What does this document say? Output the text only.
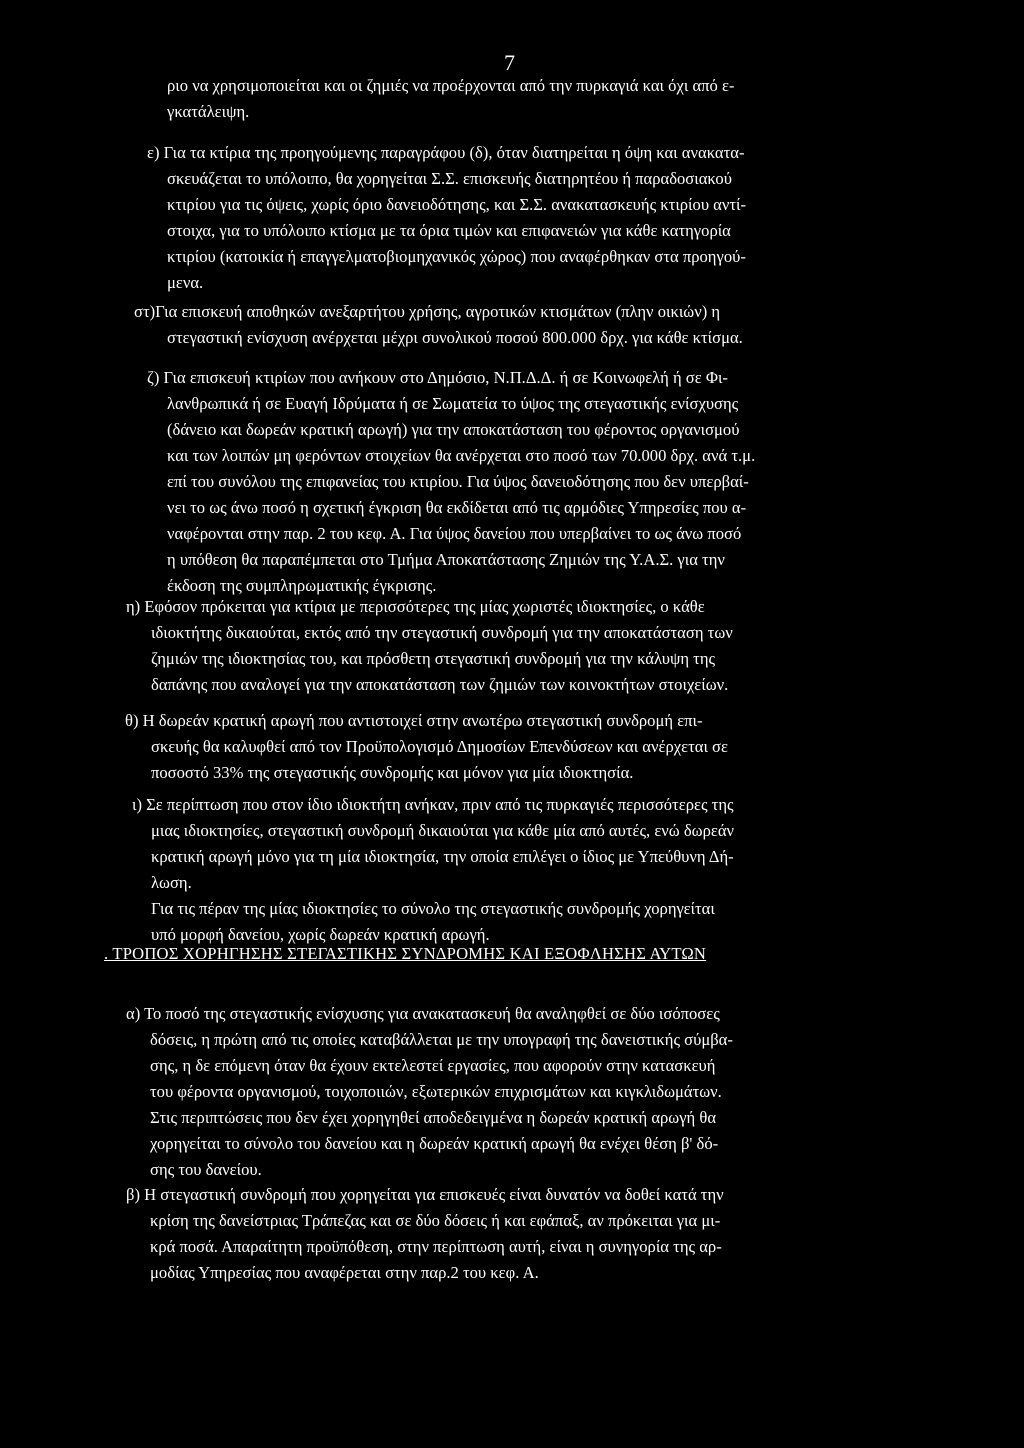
7
ριο να χρησιμοποιείται και οι ζημιές να προέρχονται από την πυρκαγιά και όχι από ε-
γκατάλειψη.
ε) Για τα κτίρια της προηγούμενης παραγράφου (δ), όταν διατηρείται η όψη και ανακατα-
σκευάζεται το υπόλοιπο, θα χορηγείται Σ.Σ. επισκευής διατηρητέου ή παραδοσιακού
κτιρίου για τις όψεις, χωρίς όριο δανειοδότησης, και Σ.Σ. ανακατασκευής κτιρίου αντί-
στοιχα, για το υπόλοιπο κτίσμα με τα όρια τιμών και επιφανειών για κάθε κατηγορία
κτιρίου (κατοικία ή επαγγελματοβιομηχανικός χώρος) που αναφέρθηκαν στα προηγού-
μενα.
στ)Για επισκευή αποθηκών ανεξαρτήτου χρήσης, αγροτικών κτισμάτων (πλην οικιών) η
στεγαστική ενίσχυση ανέρχεται μέχρι συνολικού ποσού 800.000 δρχ. για κάθε κτίσμα.
ζ) Για επισκευή κτιρίων που ανήκουν στο Δημόσιο, Ν.Π.Δ.Δ. ή σε Κοινωφελή ή σε Φι-
λανθρωπικά ή σε Ευαγή Ιδρύματα ή σε Σωματεία το ύψος της στεγαστικής ενίσχυσης
(δάνειο και δωρεάν κρατική αρωγή) για την αποκατάσταση του φέροντος οργανισμού
και των λοιπών μη φερόντων στοιχείων θα ανέρχεται στο ποσό των 70.000 δρχ. ανά τ.μ.
επί του συνόλου της επιφανείας του κτιρίου. Για ύψος δανειοδότησης που δεν υπερβαί-
νει το ως άνω ποσό η σχετική έγκριση θα εκδίδεται από τις αρμόδιες Υπηρεσίες που α-
ναφέρονται στην παρ. 2 του κεφ. Α. Για ύψος δανείου που υπερβαίνει το ως άνω ποσό
η υπόθεση θα παραπέμπεται στο Τμήμα Αποκατάστασης Ζημιών της Υ.Α.Σ. για την
έκδοση της συμπληρωματικής έγκρισης.
η) Εφόσον πρόκειται για κτίρια με περισσότερες της μίας χωριστές ιδιοκτησίες, ο κάθε
ιδιοκτήτης δικαιούται, εκτός από την στεγαστική συνδρομή για την αποκατάσταση των
ζημιών της ιδιοκτησίας του, και πρόσθετη στεγαστική συνδρομή για την κάλυψη της
δαπάνης που αναλογεί για την αποκατάσταση των ζημιών των κοινοκτήτων στοιχείων.
θ) Η δωρεάν κρατική αρωγή που αντιστοιχεί στην ανωτέρω στεγαστική συνδρομή επι-
σκευής θα καλυφθεί από τον Προϋπολογισμό Δημοσίων Επενδύσεων και ανέρχεται σε
ποσοστό 33% της στεγαστικής συνδρομής και μόνον για μία ιδιοκτησία.
ι) Σε περίπτωση που στον ίδιο ιδιοκτήτη ανήκαν, πριν από τις πυρκαγιές περισσότερες της
μιας ιδιοκτησίες, στεγαστική συνδρομή δικαιούται για κάθε μία από αυτές, ενώ δωρεάν
κρατική αρωγή μόνο για τη μία ιδιοκτησία, την οποία επιλέγει ο ίδιος με Υπεύθυνη Δή-
λωση.
Για τις πέραν της μίας ιδιοκτησίες το σύνολο της στεγαστικής συνδρομής χορηγείται
υπό μορφή δανείου, χωρίς δωρεάν κρατική αρωγή.
. ΤΡΟΠΟΣ ΧΟΡΗΓΗΣΗΣ ΣΤΕΓΑΣΤΙΚΗΣ ΣΥΝΔΡΟΜΗΣ ΚΑΙ ΕΞΟΦΛΗΣΗΣ ΑΥΤΩΝ
α) Το ποσό της στεγαστικής ενίσχυσης για ανακατασκευή θα αναληφθεί σε δύο ισόποσες
δόσεις, η πρώτη από τις οποίες καταβάλλεται με την υπογραφή της δανειστικής σύμβα-
σης, η δε επόμενη όταν θα έχουν εκτελεστεί εργασίες, που αφορούν στην κατασκευή
του φέροντα οργανισμού, τοιχοποιιών, εξωτερικών επιχρισμάτων και κιγκλιδωμάτων.
Στις περιπτώσεις που δεν έχει χορηγηθεί αποδεδειγμένα η δωρεάν κρατική αρωγή θα
χορηγείται το σύνολο του δανείου και η δωρεάν κρατική αρωγή θα ενέχει θέση β' δό-
σης του δανείου.
β) Η στεγαστική συνδρομή που χορηγείται για επισκευές είναι δυνατόν να δοθεί κατά την
κρίση της δανείστριας Τράπεζας και σε δύο δόσεις ή και εφάπαξ, αν πρόκειται για μι-
κρά ποσά. Απαραίτητη προϋπόθεση, στην περίπτωση αυτή, είναι η συνηγορία της αρ-
μοδίας Υπηρεσίας που αναφέρεται στην παρ.2 του κεφ. Α.
